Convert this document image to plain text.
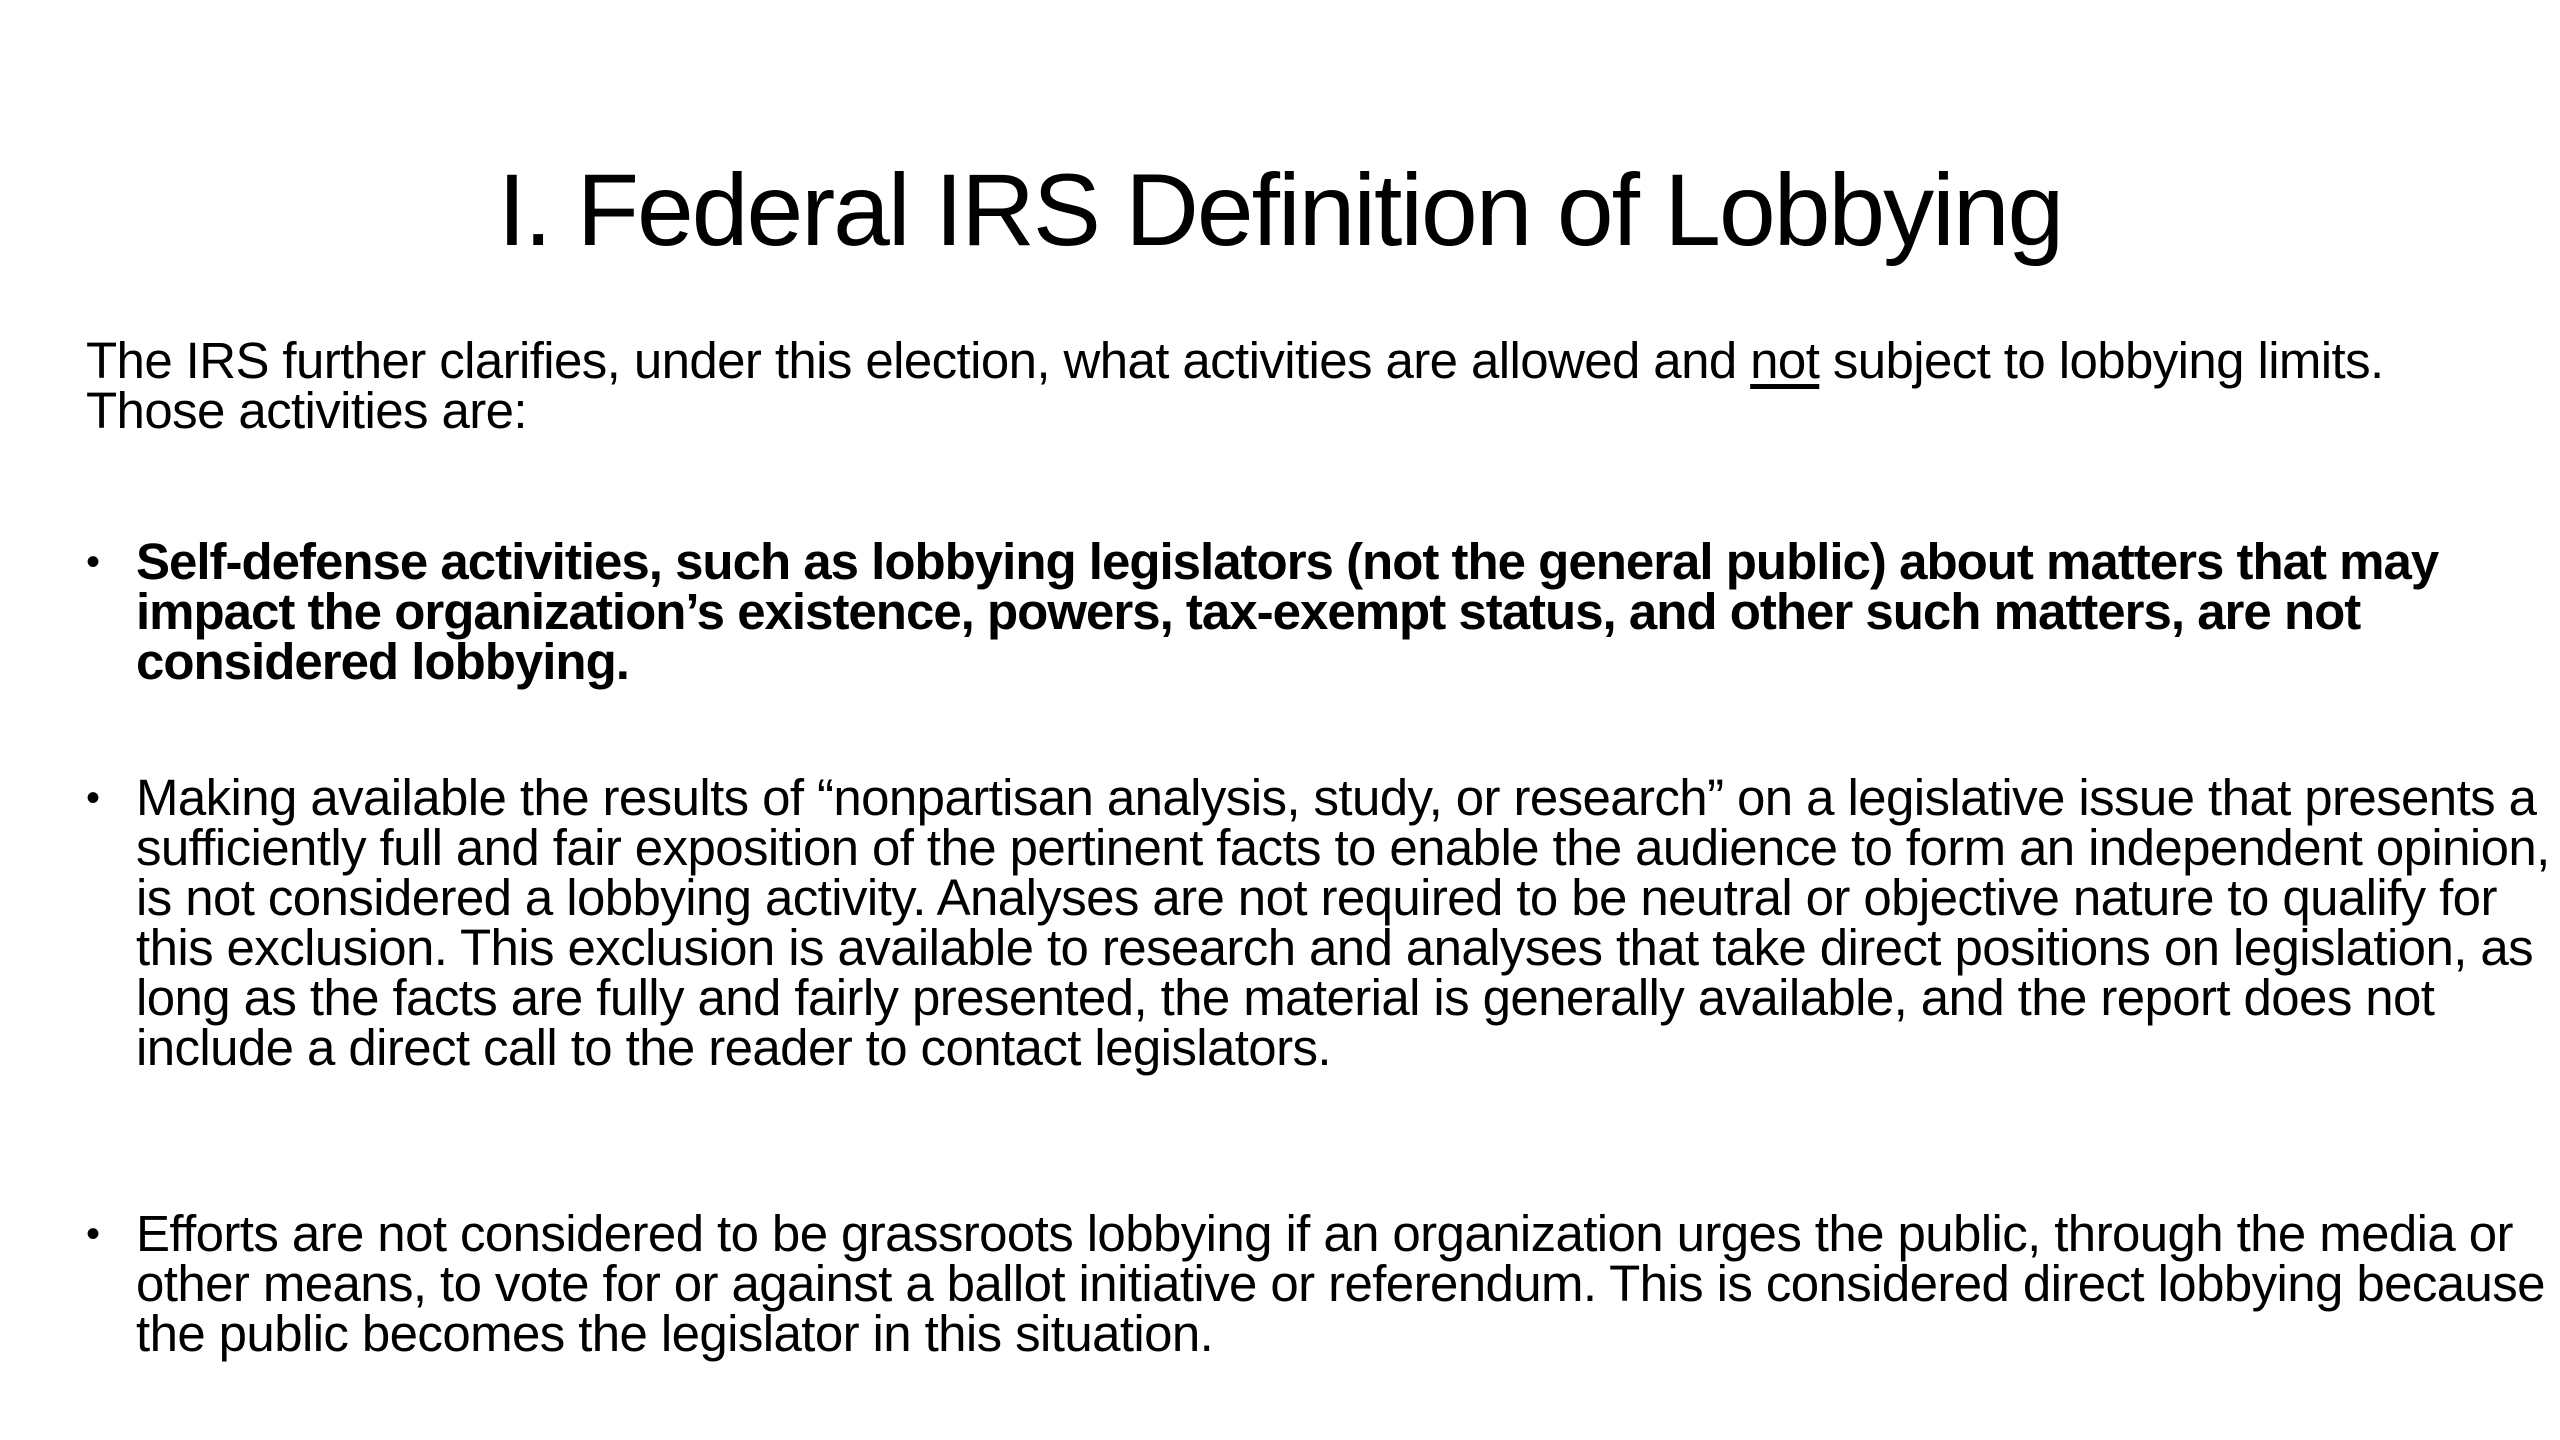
I. Federal IRS Definition of Lobbying

The IRS further clarifies, under this election, what activities are allowed and not subject to lobbying limits. Those activities are:

• Self-defense activities, such as lobbying legislators (not the general public) about matters that may impact the organization’s existence, powers, tax-exempt status, and other such matters, are not considered lobbying.
• Making available the results of “nonpartisan analysis, study, or research” on a legislative issue that presents a sufficiently full and fair exposition of the pertinent facts to enable the audience to form an independent opinion, is not considered a lobbying activity. Analyses are not required to be neutral or objective nature to qualify for this exclusion. This exclusion is available to research and analyses that take direct positions on legislation, as long as the facts are fully and fairly presented, the material is generally available, and the report does not include a direct call to the reader to contact legislators.
• Efforts are not considered to be grassroots lobbying if an organization urges the public, through the media or other means, to vote for or against a ballot initiative or referendum. This is considered direct lobbying because the public becomes the legislator in this situation.
